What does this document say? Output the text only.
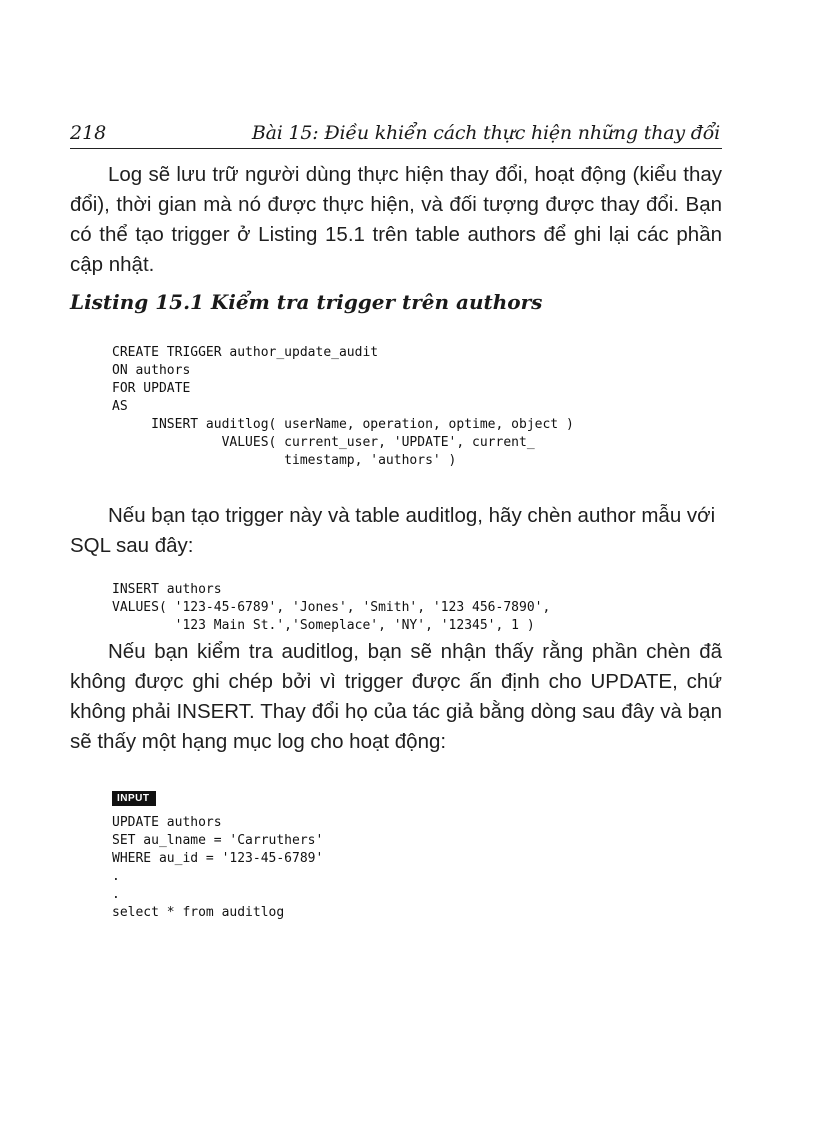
218	Bài 15: Điều khiển cách thực hiện những thay đổi

Log sẽ lưu trữ người dùng thực hiện thay đổi, hoạt động (kiểu thay đổi), thời gian mà nó được thực hiện, và đối tượng được thay đổi. Bạn có thể tạo trigger ở Listing 15.1 trên table authors để ghi lại các phần cập nhật.

Listing 15.1 Kiểm tra trigger trên authors

CREATE TRIGGER author_update_audit
ON authors
FOR UPDATE
AS
INSERT auditlog( userName, operation, optime, object )
VALUES( current_user, 'UPDATE', current_
timestamp, 'authors' )

Nếu bạn tạo trigger này và table auditlog, hãy chèn author mẫu với SQL sau đây:

INSERT authors
VALUES( '123-45-6789', 'Jones', 'Smith', '123 456-7890',
'123 Main St.','Someplace', 'NY', '12345', 1 )

Nếu bạn kiểm tra auditlog, bạn sẽ nhận thấy rằng phần chèn đã không được ghi chép bởi vì trigger được ấn định cho UPDATE, chứ không phải INSERT. Thay đổi họ của tác giả bằng dòng sau đây và bạn sẽ thấy một hạng mục log cho hoạt động:

INPUT
UPDATE authors
SET au_lname = 'Carruthers'
WHERE au_id = '123-45-6789'
.
.
select * from auditlog
